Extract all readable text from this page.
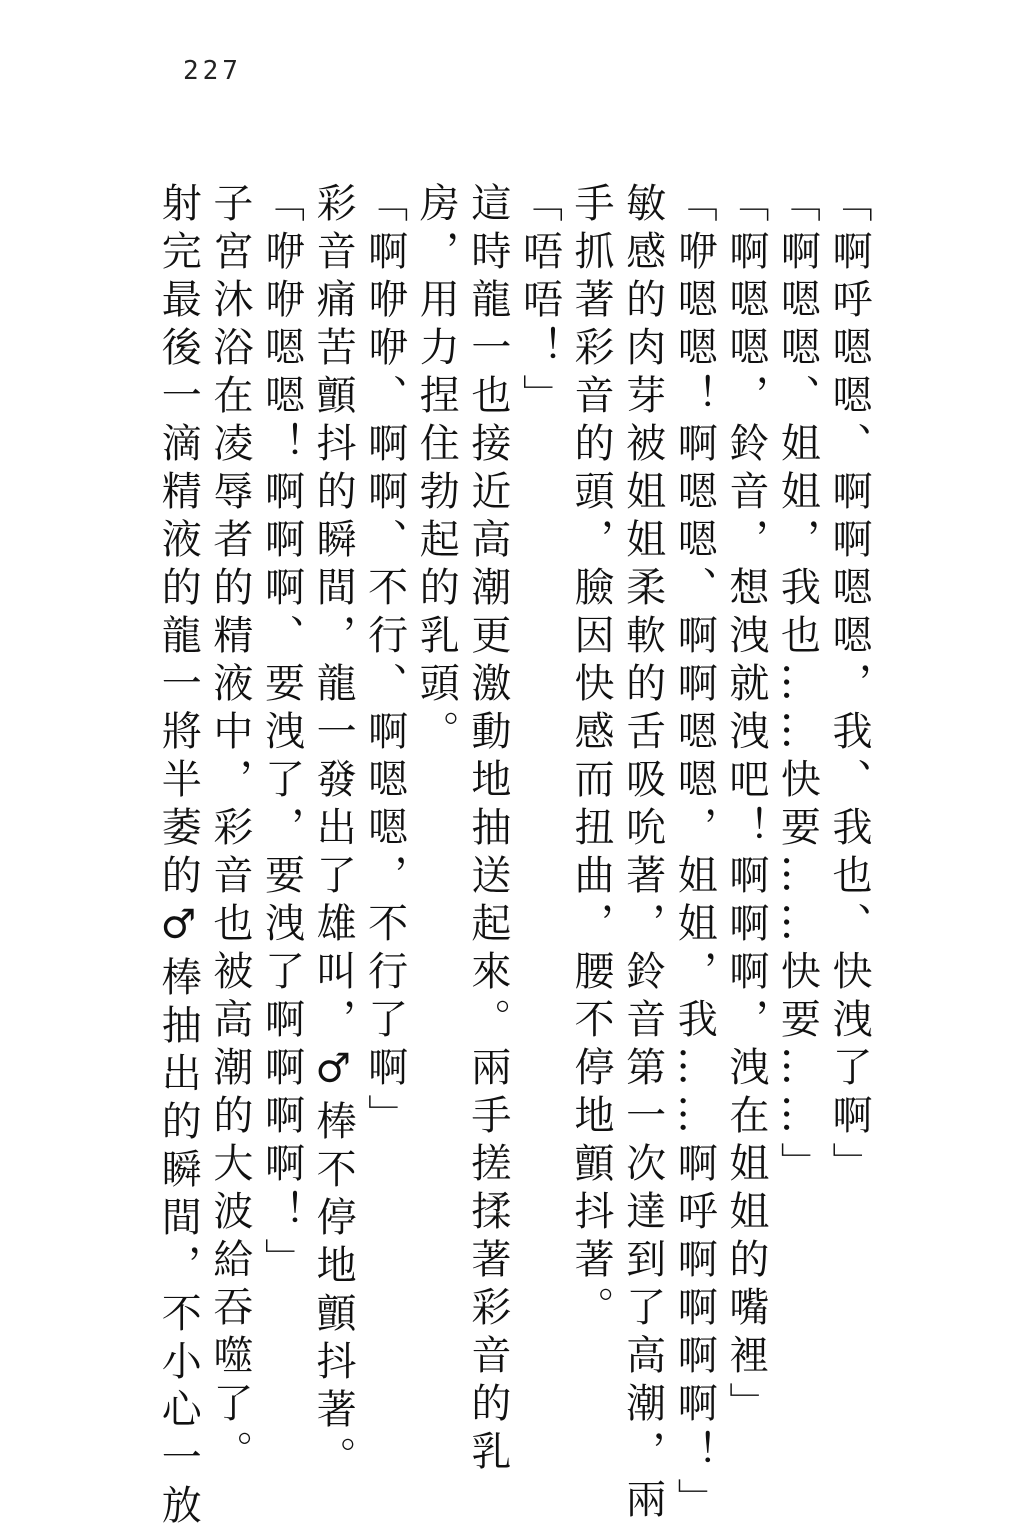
227
「啊呼嗯嗯、啊啊嗯嗯，我、我也、快洩了啊」
「啊嗯嗯、姐姐，我也……快要……快要……」
「啊嗯嗯，鈴音，想洩就洩吧！啊啊啊，洩在姐姐的嘴裡」
「咿嗯嗯！啊嗯嗯、啊啊嗯嗯，姐姐，我……啊呼啊啊啊啊！」
敏感的肉芽被姐姐柔軟的舌吸吮著，鈴音第一次達到了高潮，兩
手抓著彩音的頭，臉因快感而扭曲，腰不停地顫抖著。
「唔唔！」
這時龍一也接近高潮更激動地抽送起來。兩手搓揉著彩音的乳
房，用力捏住勃起的乳頭。
「啊咿咿、啊啊、不行、啊嗯嗯，不行了啊」
彩音痛苦顫抖的瞬間，龍一發出了雄叫，♂棒不停地顫抖著。
「咿咿嗯嗯！啊啊啊、要洩了，要洩了啊啊啊啊！」
子宮沐浴在凌辱者的精液中，彩音也被高潮的大波給吞噬了。
射完最後一滴精液的龍一將半萎的♂棒抽出的瞬間，不小心一放
